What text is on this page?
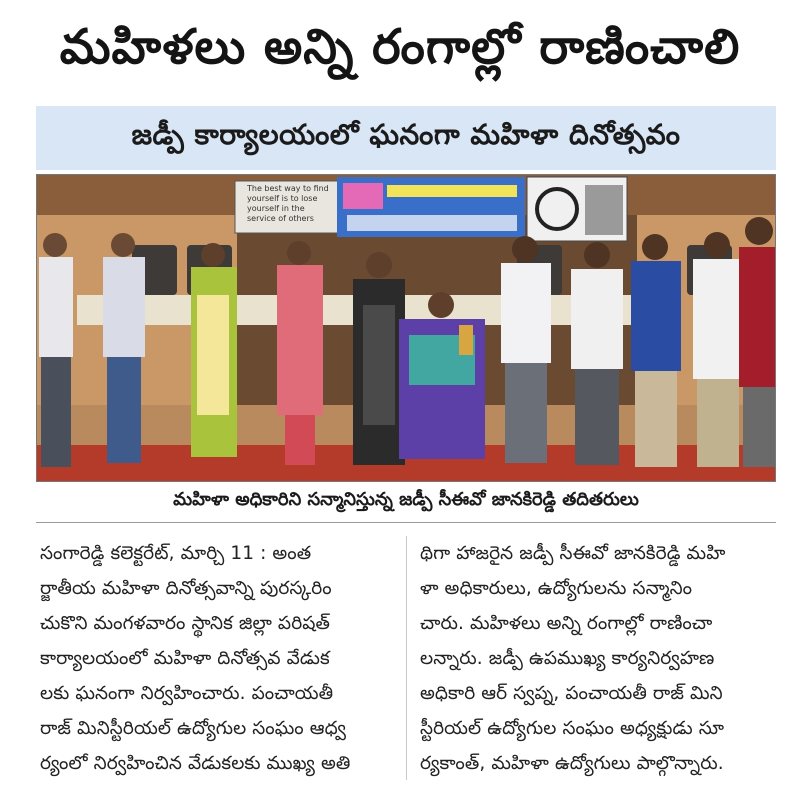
మహిళలు అన్ని రంగాల్లో రాణించాలి
జడ్పీ కార్యాలయంలో ఘనంగా మహిళా దినోత్సవం
The best way to find yourself is to lose yourself in the service of others
మహిళా అధికారిని సన్మానిస్తున్న జడ్పీ సీఈవో జానకిరెడ్డి తదితరులు
సంగారెడ్డి కలెక్టరేట్, మార్చి 11 : అంత
ర్జాతీయ మహిళా దినోత్సవాన్ని పురస్కరిం
చుకొని మంగళవారం స్థానిక జిల్లా పరిషత్
కార్యాలయంలో మహిళా దినోత్సవ వేడుక
లకు ఘనంగా నిర్వహించారు. పంచాయతీ
రాజ్ మినిస్టీరియల్ ఉద్యోగుల సంఘం ఆధ్వ
ర్యంలో నిర్వహించిన వేడుకలకు ముఖ్య అతి
థిగా హాజరైన జడ్పీ సీఈవో జానకిరెడ్డి మహి
ళా అధికారులు, ఉద్యోగులను సన్మానిం
చారు. మహిళలు అన్ని రంగాల్లో రాణించా
లన్నారు. జడ్పీ ఉపముఖ్య కార్యనిర్వహణ
అధికారి ఆర్ స్వప్న, పంచాయతీ రాజ్ మిని
స్టీరియల్ ఉద్యోగుల సంఘం అధ్యక్షుడు సూ
ర్యకాంత్, మహిళా ఉద్యోగులు పాల్గొన్నారు.
